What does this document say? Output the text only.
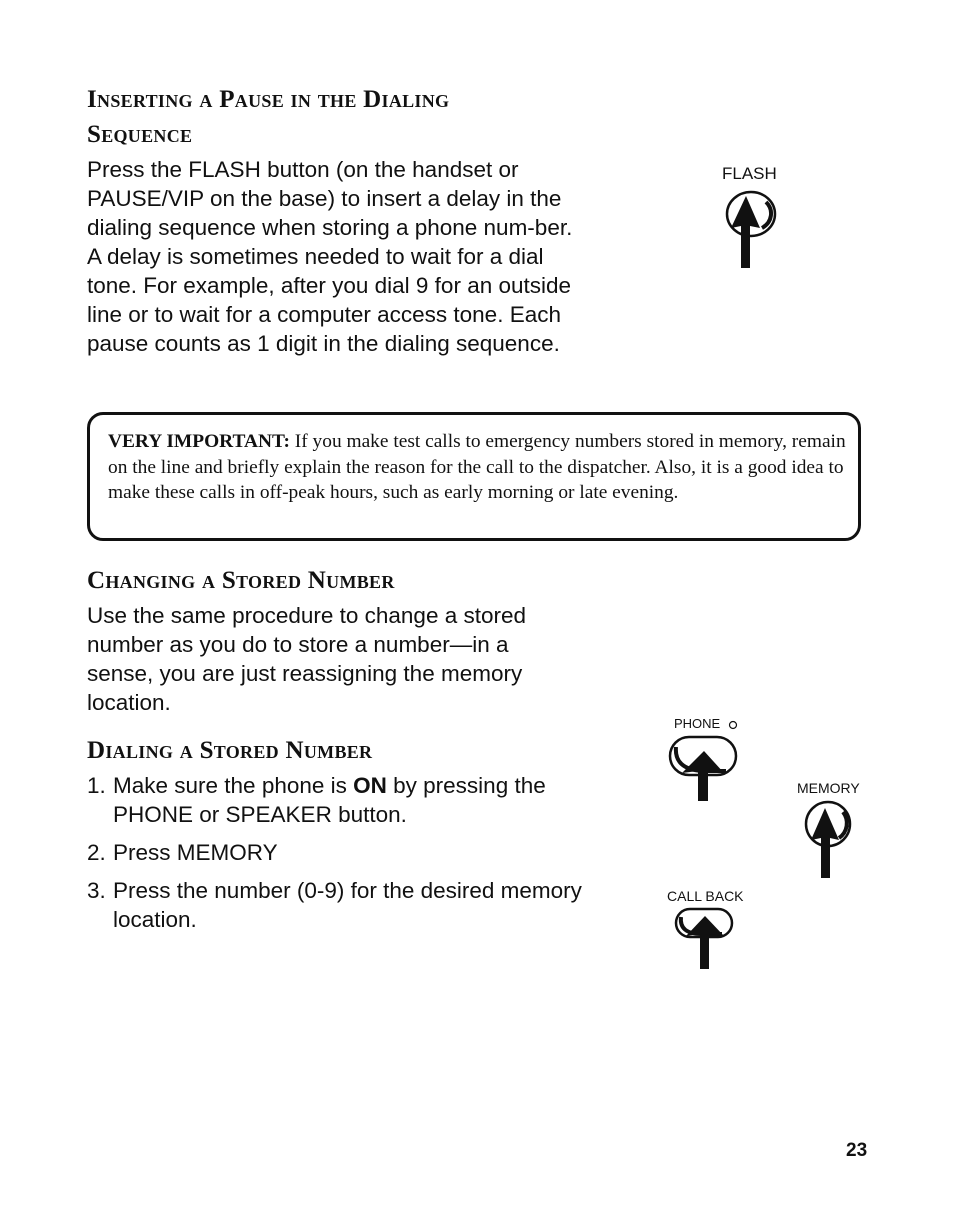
Inserting a Pause in the Dialing
Sequence

Press the FLASH button (on the handset or PAUSE/VIP on the base) to insert a delay in the dialing sequence when storing a phone num-ber. A delay is sometimes needed to wait for a dial tone. For example, after you dial 9 for an outside line or to wait for a computer access tone. Each pause counts as 1 digit in the dialing sequence.

FLASH

VERY IMPORTANT: If you make test calls to emergency numbers stored in memory, remain on the line and briefly explain the reason for the call to the dispatcher. Also, it is a good idea to make these calls in off-peak hours, such as early morning or late evening.

Changing a Stored Number

Use the same procedure to change a stored number as you do to store a number—in a sense, you are just reassigning the memory location.

Dialing a Stored Number
1. Make sure the phone is ON by pressing the PHONE or SPEAKER button.
2. Press MEMORY
3. Press the number (0-9) for the desired memory location.
PHONE
MEMORY
CALL BACK
23
